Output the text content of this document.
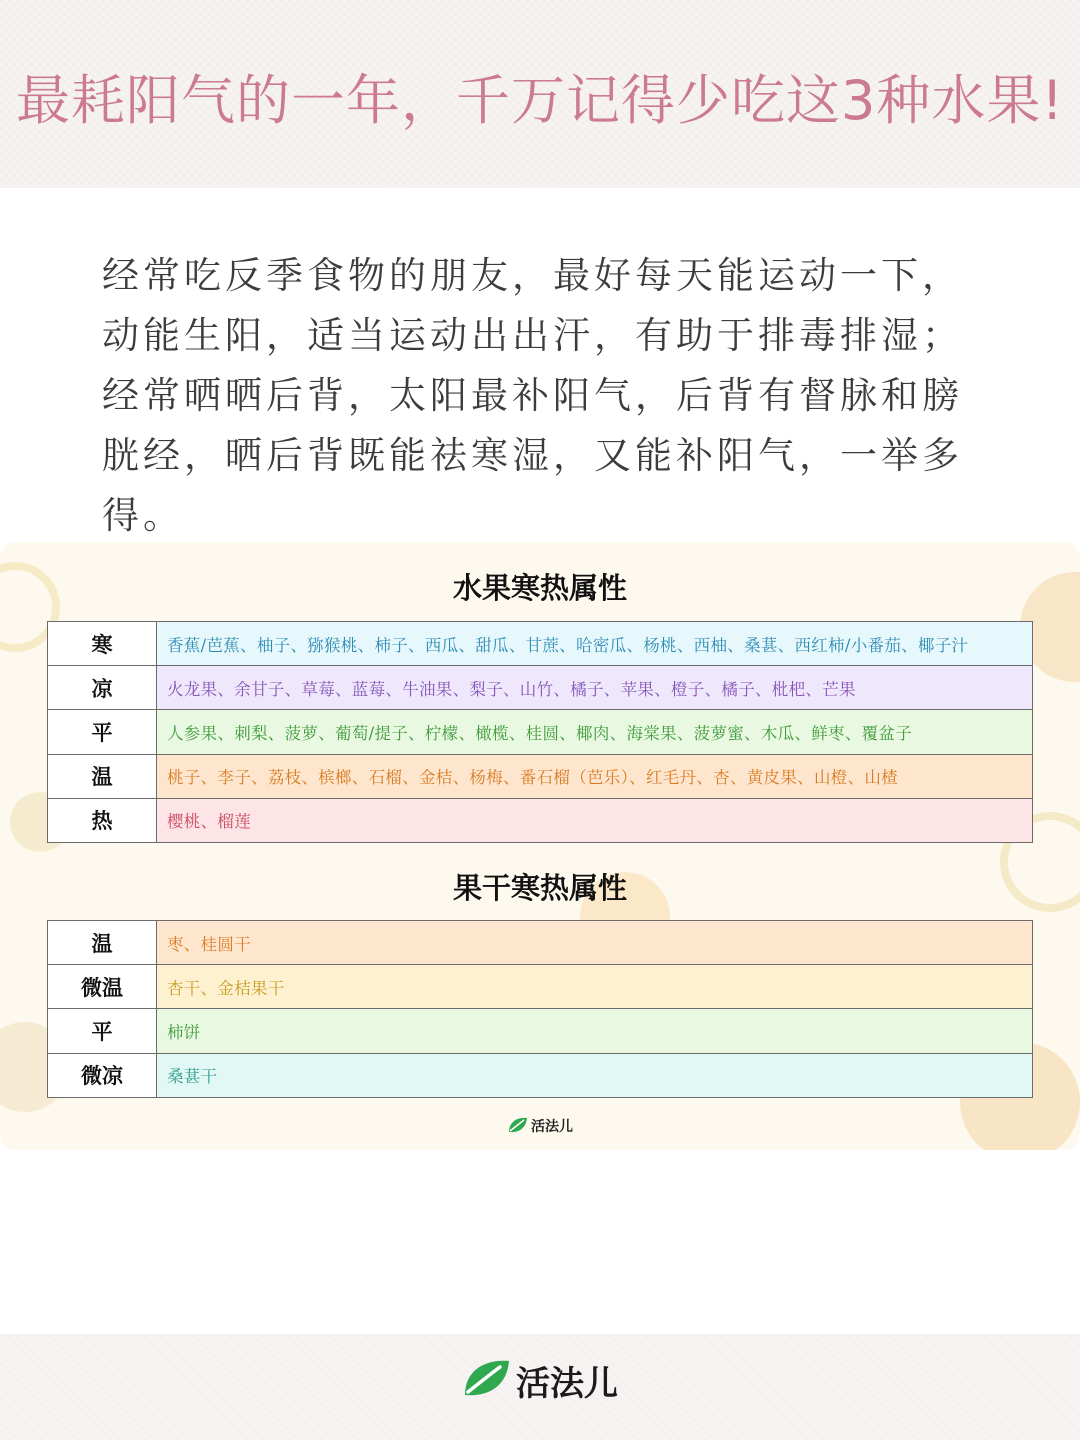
最耗阳气的一年，千万记得少吃这3种水果!
经常吃反季食物的朋友，最好每天能运动一下，动能生阳，适当运动出出汗，有助于排毒排湿；经常晒晒后背，太阳最补阳气，后背有督脉和膀胱经，晒后背既能祛寒湿，又能补阳气，一举多得。
水果寒热属性
寒	香蕉/芭蕉、柚子、猕猴桃、柿子、西瓜、甜瓜、甘蔗、哈密瓜、杨桃、西柚、桑葚、西红柿/小番茄、椰子汁
凉	火龙果、余甘子、草莓、蓝莓、牛油果、梨子、山竹、橘子、苹果、橙子、橘子、枇杷、芒果
平	人参果、刺梨、菠萝、葡萄/提子、柠檬、橄榄、桂圆、椰肉、海棠果、菠萝蜜、木瓜、鲜枣、覆盆子
温	桃子、李子、荔枝、槟榔、石榴、金桔、杨梅、番石榴（芭乐）、红毛丹、杏、黄皮果、山橙、山楂
热	樱桃、榴莲
果干寒热属性
温	枣、桂圆干
微温	杏干、金桔果干
平	柿饼
微凉	桑葚干
活法儿
活法儿
